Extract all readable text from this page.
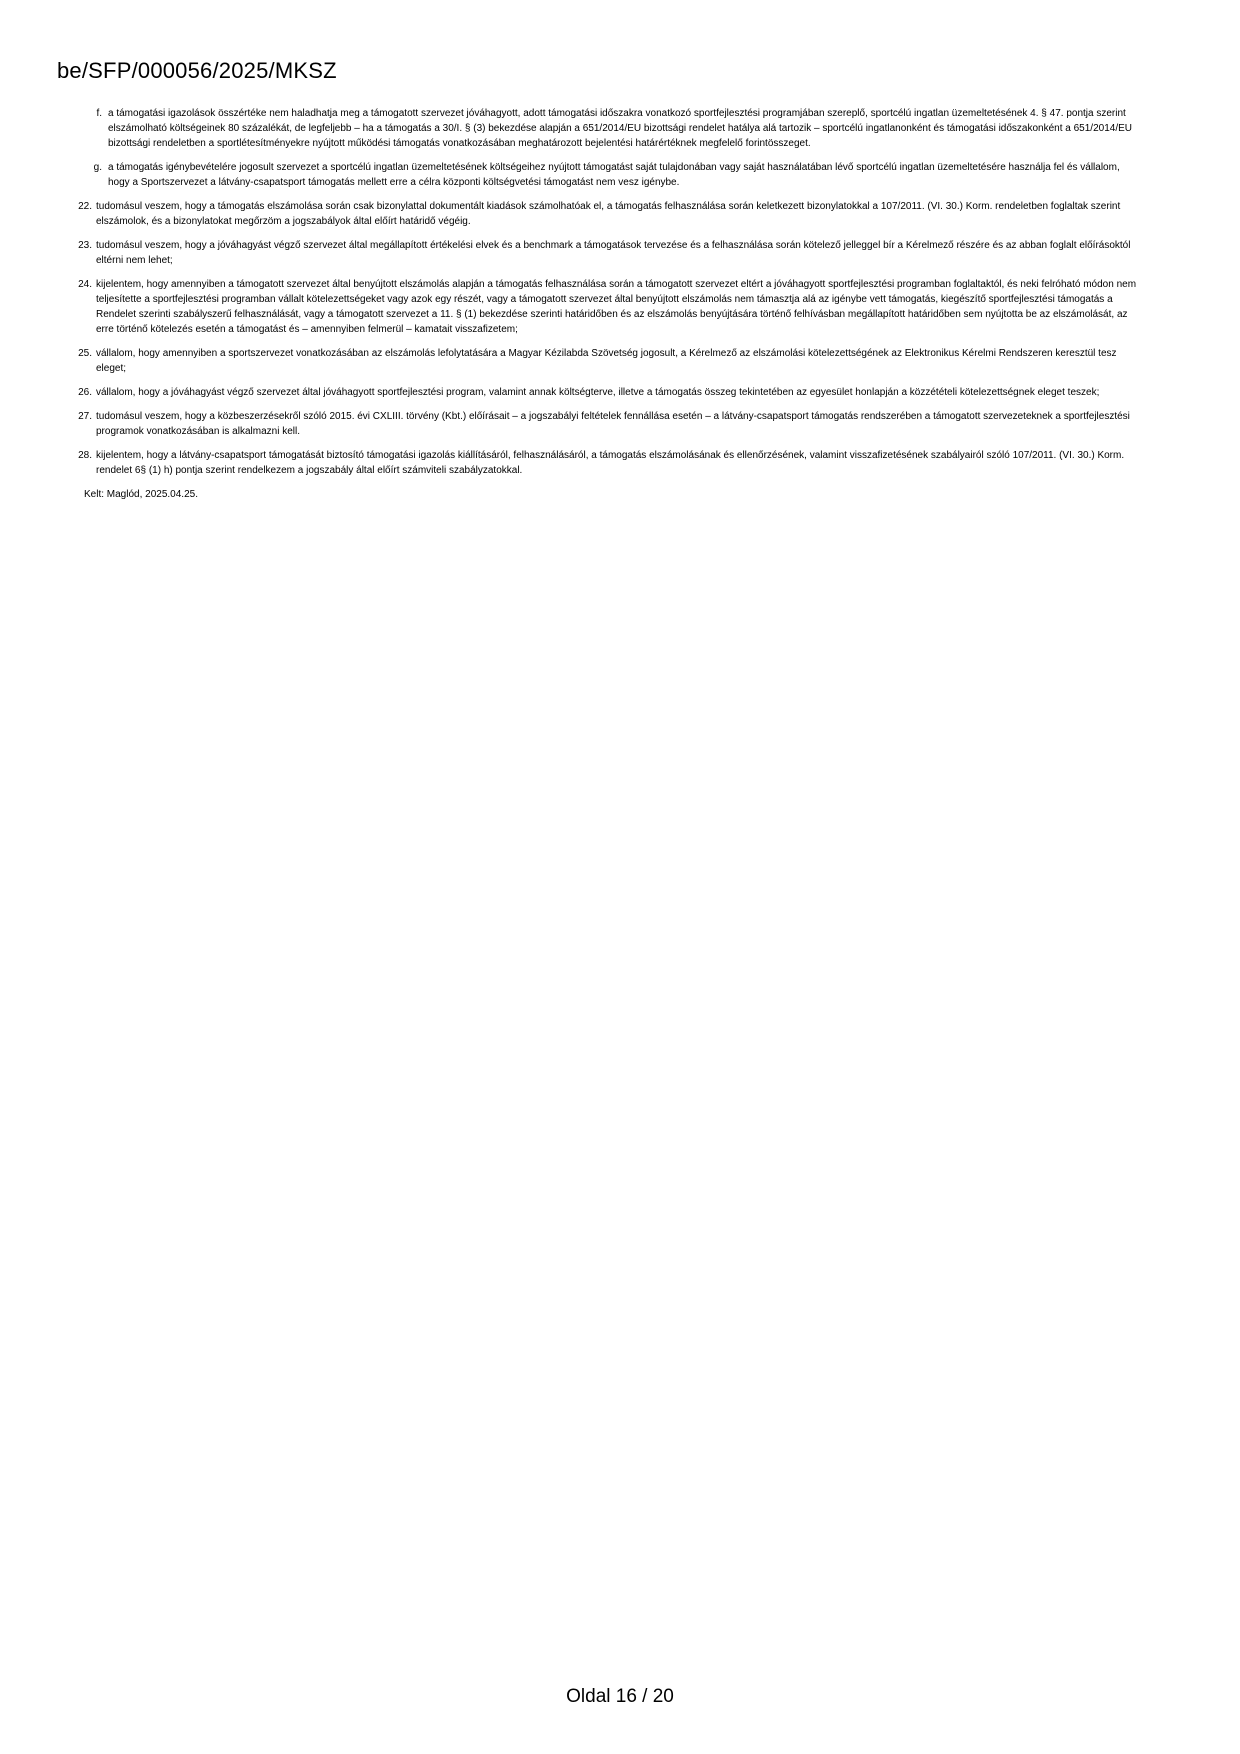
be/SFP/000056/2025/MKSZ
f. a támogatási igazolások összértéke nem haladhatja meg a támogatott szervezet jóváhagyott, adott támogatási időszakra vonatkozó sportfejlesztési programjában szereplő, sportcélú ingatlan üzemeltetésének 4. § 47. pontja szerint elszámolható költségeinek 80 százalékát, de legfeljebb – ha a támogatás a 30/I. § (3) bekezdése alapján a 651/2014/EU bizottsági rendelet hatálya alá tartozik – sportcélú ingatlanonként és támogatási időszakonként a 651/2014/EU bizottsági rendeletben a sportlétesítményekre nyújtott működési támogatás vonatkozásában meghatározott bejelentési határértéknek megfelelő forintösszeget.
g. a támogatás igénybevételére jogosult szervezet a sportcélú ingatlan üzemeltetésének költségeihez nyújtott támogatást saját tulajdonában vagy saját használatában lévő sportcélú ingatlan üzemeltetésére használja fel és vállalom, hogy a Sportszervezet a látvány-csapatsport támogatás mellett erre a célra központi költségvetési támogatást nem vesz igénybe.
22. tudomásul veszem, hogy a támogatás elszámolása során csak bizonylattal dokumentált kiadások számolhatóak el, a támogatás felhasználása során keletkezett bizonylatokkal a 107/2011. (VI. 30.) Korm. rendeletben foglaltak szerint elszámolok, és a bizonylatokat megőrzöm a jogszabályok által előírt határidő végéig.
23. tudomásul veszem, hogy a jóváhagyást végző szervezet által megállapított értékelési elvek és a benchmark a támogatások tervezése és a felhasználása során kötelező jelleggel bír a Kérelmező részére és az abban foglalt előírásoktól eltérni nem lehet;
24. kijelentem, hogy amennyiben a támogatott szervezet által benyújtott elszámolás alapján a támogatás felhasználása során a támogatott szervezet eltért a jóváhagyott sportfejlesztési programban foglaltaktól, és neki felróható módon nem teljesítette a sportfejlesztési programban vállalt kötelezettségeket vagy azok egy részét, vagy a támogatott szervezet által benyújtott elszámolás nem támasztja alá az igénybe vett támogatás, kiegészítő sportfejlesztési támogatás a Rendelet szerinti szabályszerű felhasználását, vagy a támogatott szervezet a 11. § (1) bekezdése szerinti határidőben és az elszámolás benyújtására történő felhívásban megállapított határidőben sem nyújtotta be az elszámolását, az erre történő kötelezés esetén a támogatást és – amennyiben felmerül – kamatait visszafizetem;
25. vállalom, hogy amennyiben a sportszervezet vonatkozásában az elszámolás lefolytatására a Magyar Kézilabda Szövetség jogosult, a Kérelmező az elszámolási kötelezettségének az Elektronikus Kérelmi Rendszeren keresztül tesz eleget;
26. vállalom, hogy a jóváhagyást végző szervezet által jóváhagyott sportfejlesztési program, valamint annak költségterve, illetve a támogatás összeg tekintetében az egyesület honlapján a közzétételi kötelezettségnek eleget teszek;
27. tudomásul veszem, hogy a közbeszerzésekről szóló 2015. évi CXLIII. törvény (Kbt.) előírásait – a jogszabályi feltételek fennállása esetén – a látvány-csapatsport támogatás rendszerében a támogatott szervezeteknek a sportfejlesztési programok vonatkozásában is alkalmazni kell.
28. kijelentem, hogy a látvány-csapatsport támogatását biztosító támogatási igazolás kiállításáról, felhasználásáról, a támogatás elszámolásának és ellenőrzésének, valamint visszafizetésének szabályairól szóló 107/2011. (VI. 30.) Korm. rendelet 6§ (1) h) pontja szerint rendelkezem a jogszabály által előírt számviteli szabályzatokkal.
Kelt: Maglód, 2025.04.25.
Oldal 16 / 20
